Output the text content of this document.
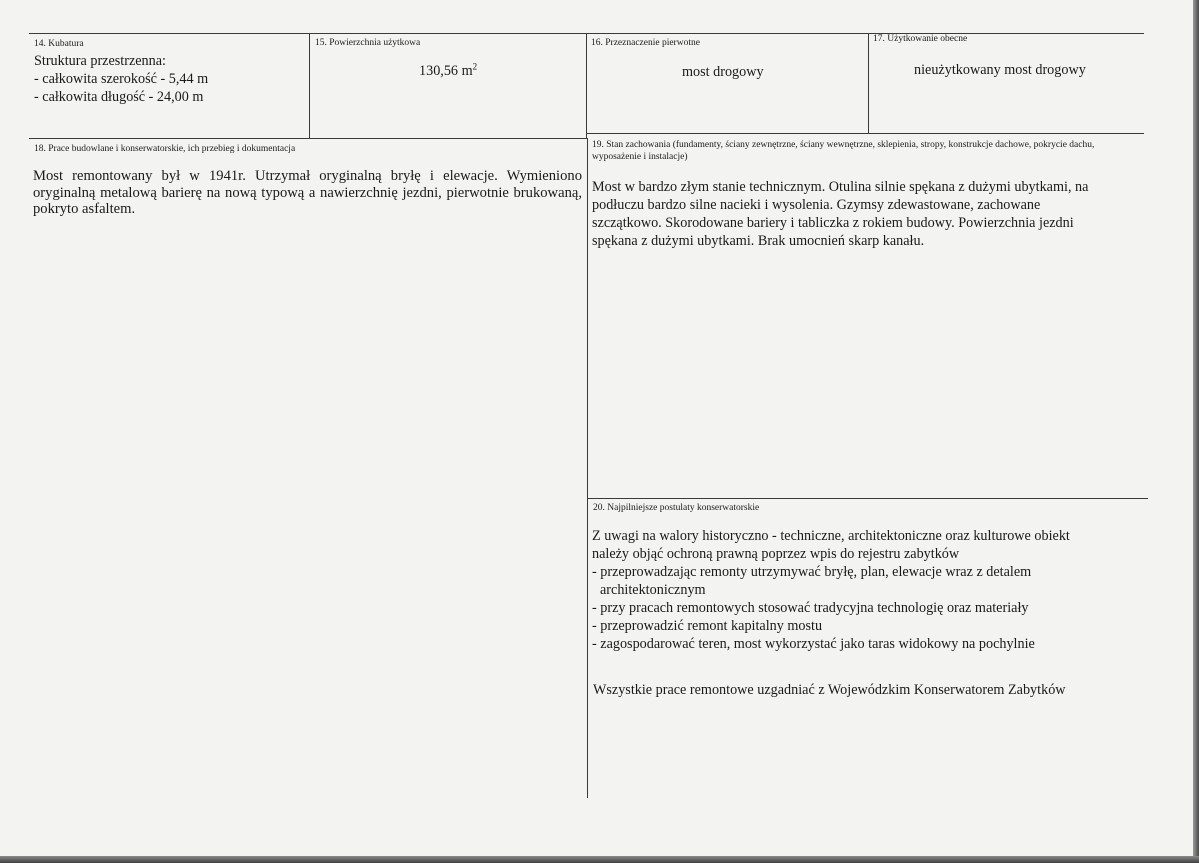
14. Kubatura
Struktura przestrzenna:
- całkowita szerokość - 5,44 m
- całkowita długość - 24,00 m
15. Powierzchnia użytkowa
130,56 $m^2$
16. Przeznaczenie pierwotne
most drogowy
17. Użytkowanie obecne
nieużytkowany most drogowy
18. Prace budowlane i konserwatorskie, ich przebieg i dokumentacja
Most remontowany był w 1941r. Utrzymał oryginalną bryłę i elewacje. Wymieniono oryginalną metalową barierę na nową typową a nawierzchnię jezdni, pierwotnie brukowaną, pokryto asfaltem.
19. Stan zachowania (fundamenty, ściany zewnętrzne, ściany wewnętrzne, sklepienia, stropy, konstrukcje dachowe, pokrycie dachu, wyposażenie i instalacje)
Most w bardzo złym stanie technicznym. Otulina silnie spękana z dużymi ubytkami, na
podłuczu bardzo silne nacieki i wysolenia. Gzymsy zdewastowane, zachowane
szczątkowo. Skorodowane bariery i tabliczka z rokiem budowy. Powierzchnia jezdni
spękana z dużymi ubytkami. Brak umocnień skarp kanału.
20. Najpilniejsze postulaty konserwatorskie
Z uwagi na walory historyczno - techniczne, architektoniczne oraz kulturowe obiekt
należy objąć ochroną prawną poprzez wpis do rejestru zabytków
- przeprowadzając remonty utrzymywać bryłę, plan, elewacje wraz z detalem
architektonicznym
- przy pracach remontowych stosować tradycyjna technologię oraz materiały
- przeprowadzić remont kapitalny mostu
- zagospodarować teren, most wykorzystać jako taras widokowy na pochylnie
Wszystkie prace remontowe uzgadniać z Wojewódzkim Konserwatorem Zabytków
